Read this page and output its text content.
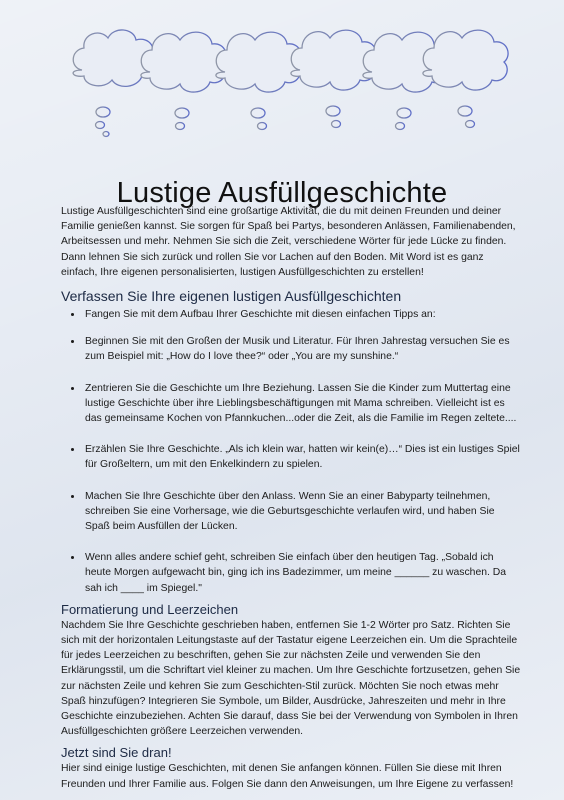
Lustige Ausfüllgeschichte

Lustige Ausfüllgeschichten sind eine großartige Aktivität, die du mit deinen Freunden und deiner Familie genießen kannst. Sie sorgen für Spaß bei Partys, besonderen Anlässen, Familienabenden, Arbeitsessen und mehr. Nehmen Sie sich die Zeit, verschiedene Wörter für jede Lücke zu finden. Dann lehnen Sie sich zurück und rollen Sie vor Lachen auf den Boden. Mit Word ist es ganz einfach, Ihre eigenen personalisierten, lustigen Ausfüllgeschichten zu erstellen!

Verfassen Sie Ihre eigenen lustigen Ausfüllgeschichten
• Fangen Sie mit dem Aufbau Ihrer Geschichte mit diesen einfachen Tipps an:
• Beginnen Sie mit den Großen der Musik und Literatur. Für Ihren Jahrestag versuchen Sie es zum Beispiel mit: „How do I love thee?“ oder „You are my sunshine.“
• Zentrieren Sie die Geschichte um Ihre Beziehung. Lassen Sie die Kinder zum Muttertag eine lustige Geschichte über ihre Lieblingsbeschäftigungen mit Mama schreiben. Vielleicht ist es das gemeinsame Kochen von Pfannkuchen...oder die Zeit, als die Familie im Regen zeltete....
• Erzählen Sie Ihre Geschichte. „Als ich klein war, hatten wir kein(e)…“ Dies ist ein lustiges Spiel für Großeltern, um mit den Enkelkindern zu spielen.
• Machen Sie Ihre Geschichte über den Anlass. Wenn Sie an einer Babyparty teilnehmen, schreiben Sie eine Vorhersage, wie die Geburtsgeschichte verlaufen wird, und haben Sie Spaß beim Ausfüllen der Lücken.
• Wenn alles andere schief geht, schreiben Sie einfach über den heutigen Tag. „Sobald ich heute Morgen aufgewacht bin, ging ich ins Badezimmer, um meine ______ zu waschen. Da sah ich ____ im Spiegel."
Formatierung und Leerzeichen

Nachdem Sie Ihre Geschichte geschrieben haben, entfernen Sie 1-2 Wörter pro Satz. Richten Sie sich mit der horizontalen Leitungstaste auf der Tastatur eigene Leerzeichen ein. Um die Sprachteile für jedes Leerzeichen zu beschriften, gehen Sie zur nächsten Zeile und verwenden Sie den Erklärungsstil, um die Schriftart viel kleiner zu machen. Um Ihre Geschichte fortzusetzen, gehen Sie zur nächsten Zeile und kehren Sie zum Geschichten-Stil zurück. Möchten Sie noch etwas mehr Spaß hinzufügen? Integrieren Sie Symbole, um Bilder, Ausdrücke, Jahreszeiten und mehr in Ihre Geschichte einzubeziehen. Achten Sie darauf, dass Sie bei der Verwendung von Symbolen in Ihren Ausfüllgeschichten größere Leerzeichen verwenden.

Jetzt sind Sie dran!

Hier sind einige lustige Geschichten, mit denen Sie anfangen können. Füllen Sie diese mit Ihren Freunden und Ihrer Familie aus. Folgen Sie dann den Anweisungen, um Ihre Eigene zu verfassen!
